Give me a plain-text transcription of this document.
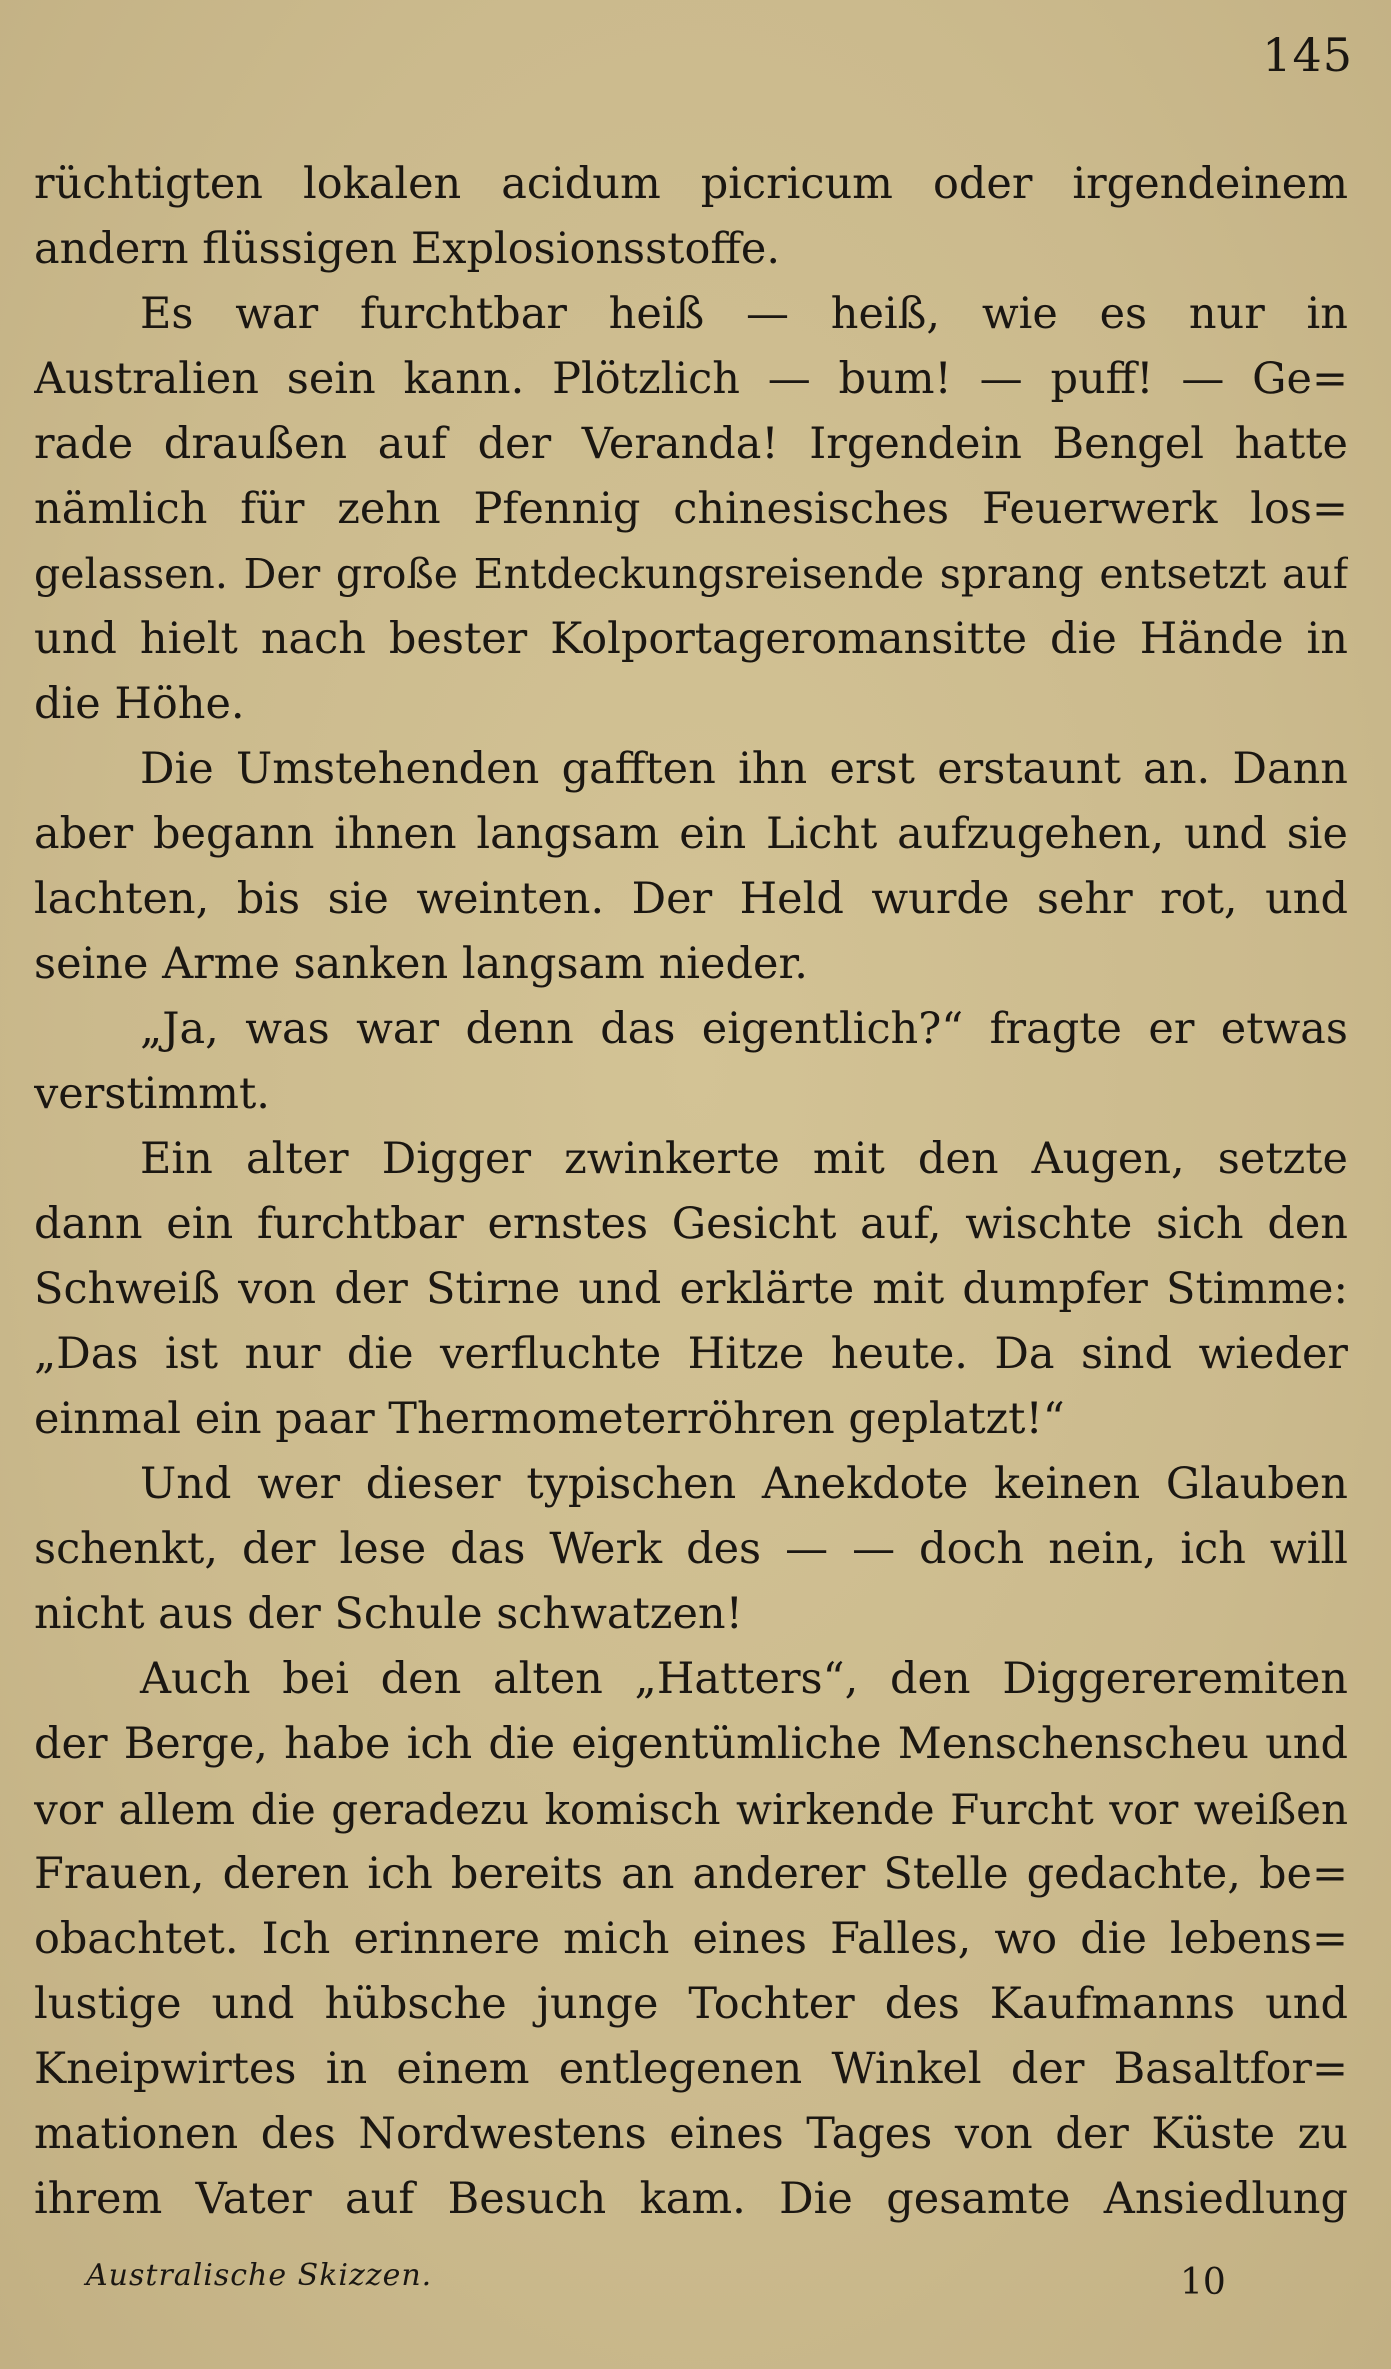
145
rüchtigten lokalen acidum picricum oder irgendeinem
andern flüssigen Explosionsstoffe.
Es war furchtbar heiß — heiß, wie es nur in
Australien sein kann. Plötzlich — bum! — puff! — Ge=
rade draußen auf der Veranda! Irgendein Bengel hatte
nämlich für zehn Pfennig chinesisches Feuerwerk los=
gelassen. Der große Entdeckungsreisende sprang entsetzt auf
und hielt nach bester Kolportageromansitte die Hände in
die Höhe.
Die Umstehenden gafften ihn erst erstaunt an. Dann
aber begann ihnen langsam ein Licht aufzugehen, und sie
lachten, bis sie weinten. Der Held wurde sehr rot, und
seine Arme sanken langsam nieder.
„Ja, was war denn das eigentlich?“ fragte er etwas
verstimmt.
Ein alter Digger zwinkerte mit den Augen, setzte
dann ein furchtbar ernstes Gesicht auf, wischte sich den
Schweiß von der Stirne und erklärte mit dumpfer Stimme:
„Das ist nur die verfluchte Hitze heute. Da sind wieder
einmal ein paar Thermometerröhren geplatzt!“
Und wer dieser typischen Anekdote keinen Glauben
schenkt, der lese das Werk des — — doch nein, ich will
nicht aus der Schule schwatzen!
Auch bei den alten „Hatters“, den Diggereremiten
der Berge, habe ich die eigentümliche Menschenscheu und
vor allem die geradezu komisch wirkende Furcht vor weißen
Frauen, deren ich bereits an anderer Stelle gedachte, be=
obachtet. Ich erinnere mich eines Falles, wo die lebens=
lustige und hübsche junge Tochter des Kaufmanns und
Kneipwirtes in einem entlegenen Winkel der Basaltfor=
mationen des Nordwestens eines Tages von der Küste zu
ihrem Vater auf Besuch kam. Die gesamte Ansiedlung
Australische Skizzen.	10
